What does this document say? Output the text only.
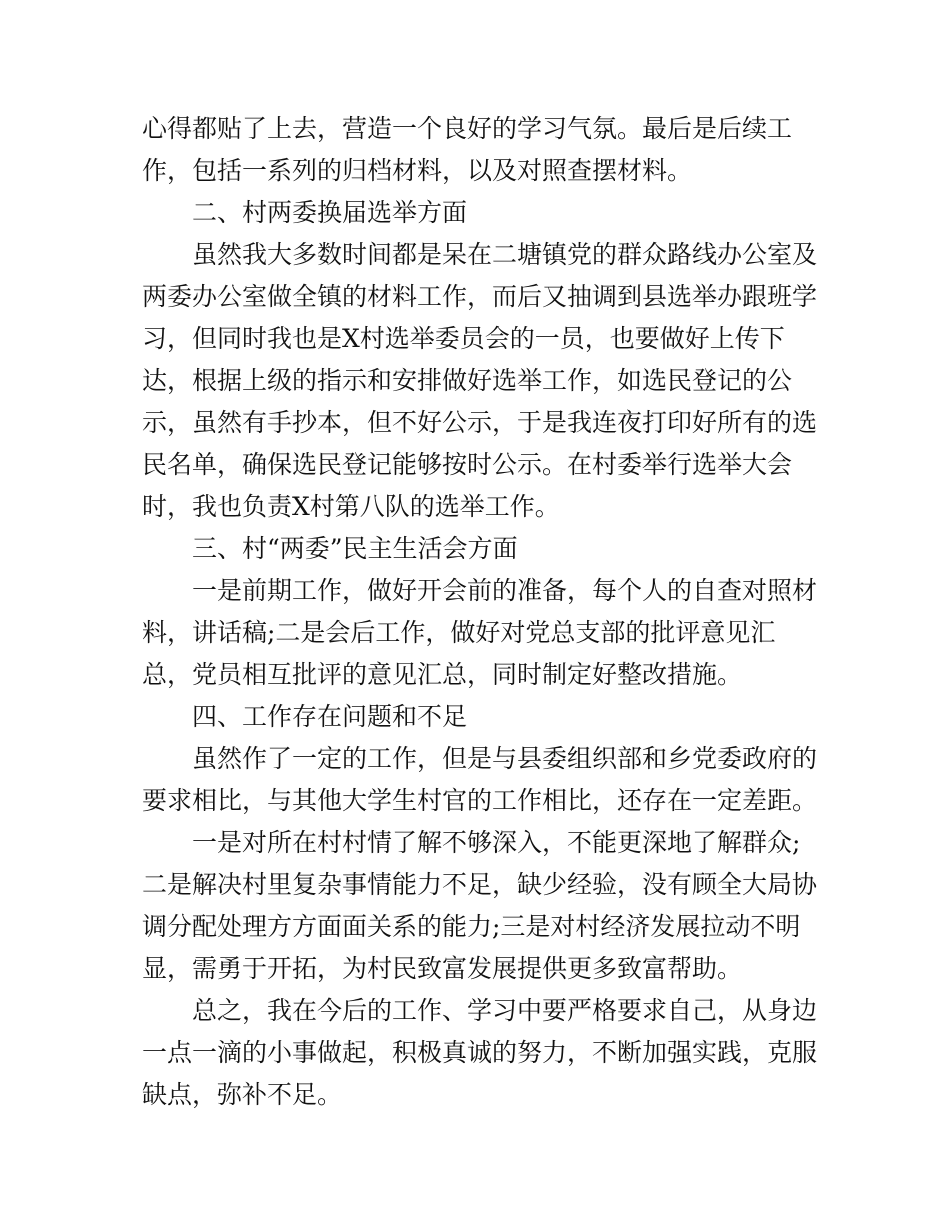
心得都贴了上去，营造一个良好的学习气氛。最后是后续工

作，包括一系列的归档材料，以及对照查摆材料。

二、村两委换届选举方面

虽然我大多数时间都是呆在二塘镇党的群众路线办公室及

两委办公室做全镇的材料工作，而后又抽调到县选举办跟班学

习，但同时我也是X村选举委员会的一员，也要做好上传下

达，根据上级的指示和安排做好选举工作，如选民登记的公

示，虽然有手抄本，但不好公示，于是我连夜打印好所有的选

民名单，确保选民登记能够按时公示。在村委举行选举大会

时，我也负责X村第八队的选举工作。

三、村“两委”民主生活会方面

一是前期工作，做好开会前的准备，每个人的自查对照材

料，讲话稿;二是会后工作，做好对党总支部的批评意见汇

总，党员相互批评的意见汇总，同时制定好整改措施。

四、工作存在问题和不足

虽然作了一定的工作，但是与县委组织部和乡党委政府的

要求相比，与其他大学生村官的工作相比，还存在一定差距。

一是对所在村村情了解不够深入，不能更深地了解群众;

二是解决村里复杂事情能力不足，缺少经验，没有顾全大局协

调分配处理方方面面关系的能力;三是对村经济发展拉动不明

显，需勇于开拓，为村民致富发展提供更多致富帮助。

总之，我在今后的工作、学习中要严格要求自己，从身边

一点一滴的小事做起，积极真诚的努力，不断加强实践，克服

缺点，弥补不足。
